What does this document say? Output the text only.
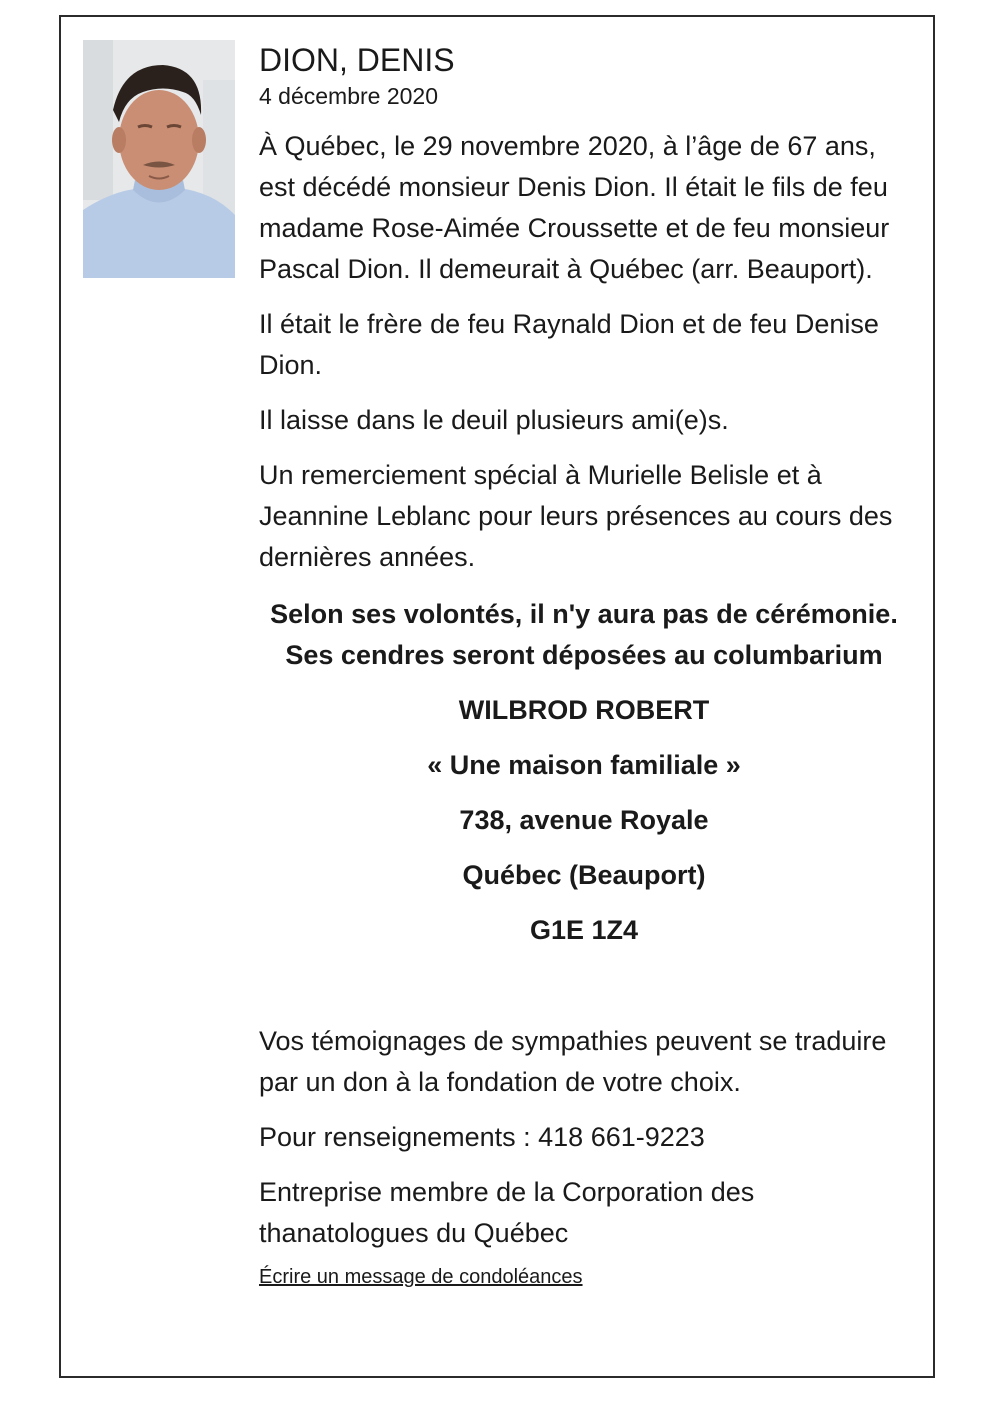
DION, DENIS
4 décembre 2020

À Québec, le 29 novembre 2020, à l’âge de 67 ans, est décédé monsieur Denis Dion. Il était le fils de feu madame Rose-Aimée Croussette et de feu monsieur Pascal Dion. Il demeurait à Québec (arr. Beauport).

Il était le frère de feu Raynald Dion et de feu Denise Dion.

Il laisse dans le deuil plusieurs ami(e)s.

Un remerciement spécial à Murielle Belisle et à Jeannine Leblanc pour leurs présences au cours des dernières années.

Selon ses volontés, il n'y aura pas de cérémonie. Ses cendres seront déposées au columbarium
WILBROD ROBERT
« Une maison familiale »
738, avenue Royale
Québec (Beauport)
G1E 1Z4

Vos témoignages de sympathies peuvent se traduire par un don à la fondation de votre choix.

Pour renseignements : 418 661-9223

Entreprise membre de la Corporation des thanatologues du Québec

Écrire un message de condoléances
